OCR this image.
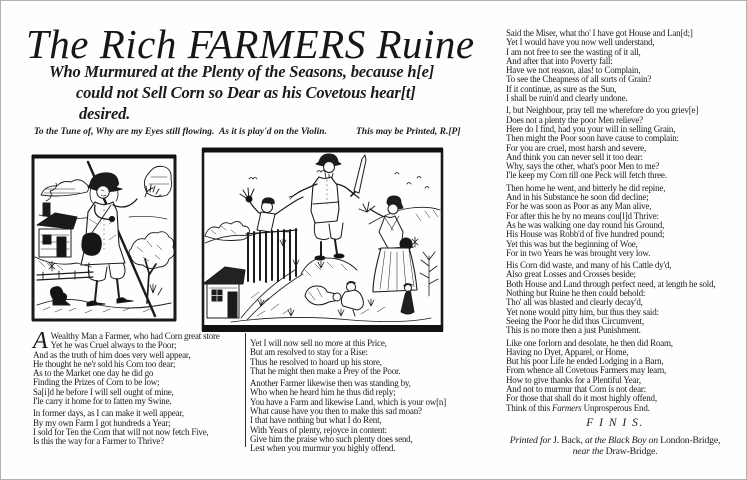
The Rich FARMERS Ruine
Who Murmured at the Plenty of the Seasons, because h[e]
could not Sell Corn so Dear as his Covetous hear[t]
desired.
To the Tune of, Why are my Eyes still flowing. As it is play'd on the Violin.	This may be Printed, R.[P]
A Wealthy Man a Farmer, who had Corn great store
Yet he was Cruel always to the Poor;
And as the truth of him does very well appear,
He thought he ne'r sold his Corn too dear;
As to the Market one day he did go
Finding the Prizes of Corn to be low;
Sa[i]d he before I will sell ought of mine,
I'le carry it home for to fatten my Swine.
In former days, as I can make it well appear,
By my own Farm I got hundreds a Year;
I sold for Ten the Corn that will not now fetch Five,
Is this the way for a Farmer to Thrive?
Yet I will now sell no more at this Price,
But am resolved to stay for a Rise:
Thus he resolved to hoard up his store,
That he might then make a Prey of the Poor.
Another Farmer likewise then was standing by,
Who when he heard him he thus did reply;
You have a Farm and likewise Land, which is your ow[n]
What cause have you then to make this sad moan?
I that have nothing but what I do Rent,
With Years of plenty, rejoyce in content:
Give him the praise who such plenty does send,
Lest when you murmur you highly offend.
Said the Miser, what tho' I have got House and Lan[d;]
Yet I would have you now well understand,
I am not free to see the wasting of it all,
And after that into Poverty fall:
Have we not reason, alas! to Complain,
To see the Cheapness of all sorts of Grain?
If it continue, as sure as the Sun,
I shall be ruin'd and clearly undone.
I, but Neighbour, pray tell me wherefore do you griev[e]
Does not a plenty the poor Men relieve?
Here do I find, had you your will in selling Grain,
Then might the Poor soon have cause to complain:
For you are cruel, most harsh and severe,
And think you can never sell it too dear:
Why, says the other, what's poor Men to me?
I'le keep my Corn till one Peck will fetch three.
Then home he went, and bitterly he did repine,
And in his Substance he soon did decline;
For he was soon as Poor as any Man alive,
For after this he by no means cou[l]d Thrive:
As he was walking one day round his Ground,
His House was Robb'd of five hundred pound;
Yet this was but the beginning of Woe,
For in two Years he was brought very low.
His Corn did waste, and many of his Cattle dy'd,
Also great Losses and Crosses beside;
Both House and Land through perfect need, at length he sold,
Nothing but Ruine he then could behold:
Tho' all was blasted and clearly decay'd,
Yet none would pitty him, but thus they said:
Seeing the Poor he did thus Circumvent,
This is no more then a just Punishment.
Like one forlorn and desolate, he then did Roam,
Having no Dyet, Apparel, or Home,
But his poor Life he ended Lodging in a Barn,
From whence all Covetous Farmers may learn,
How to give thanks for a Plentiful Year,
And not to murmur that Corn is not dear:
For those that shall do it most highly offend,
Think of this Farmers Unprosperous End.
F I N I S.
Printed for J. Back, at the Black Boy on London-Bridge,
near the Draw-Bridge.
